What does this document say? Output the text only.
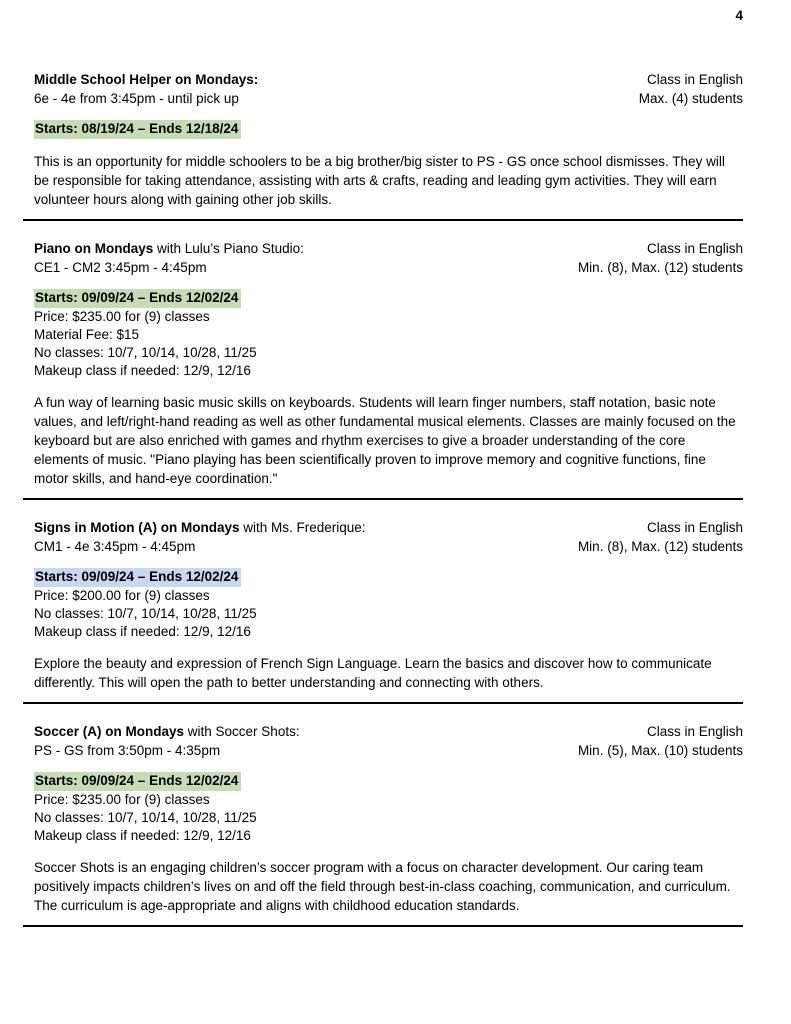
4
Middle School Helper on Mondays:
6e - 4e from 3:45pm - until pick up
Class in English
Max. (4) students
Starts: 08/19/24 – Ends 12/18/24
This is an opportunity for middle schoolers to be a big brother/big sister to PS - GS once school dismisses. They will be responsible for taking attendance, assisting with arts & crafts, reading and leading gym activities. They will earn volunteer hours along with gaining other job skills.
Piano on Mondays with Lulu’s Piano Studio:
CE1 - CM2 3:45pm - 4:45pm
Class in English
Min. (8), Max. (12) students
Starts: 09/09/24 – Ends 12/02/24
Price: $235.00 for (9) classes
Material Fee: $15
No classes: 10/7, 10/14, 10/28, 11/25
Makeup class if needed: 12/9, 12/16
A fun way of learning basic music skills on keyboards. Students will learn finger numbers, staff notation, basic note values, and left/right-hand reading as well as other fundamental musical elements. Classes are mainly focused on the keyboard but are also enriched with games and rhythm exercises to give a broader understanding of the core elements of music. "Piano playing has been scientifically proven to improve memory and cognitive functions, fine motor skills, and hand-eye coordination."
Signs in Motion (A) on Mondays with Ms. Frederique:
CM1 - 4e 3:45pm - 4:45pm
Class in English
Min. (8), Max. (12) students
Starts: 09/09/24 – Ends 12/02/24
Price: $200.00 for (9) classes
No classes: 10/7, 10/14, 10/28, 11/25
Makeup class if needed: 12/9, 12/16
Explore the beauty and expression of French Sign Language. Learn the basics and discover how to communicate differently. This will open the path to better understanding and connecting with others.
Soccer (A) on Mondays with Soccer Shots:
PS - GS from 3:50pm - 4:35pm
Class in English
Min. (5), Max. (10) students
Starts: 09/09/24 – Ends 12/02/24
Price: $235.00 for (9) classes
No classes: 10/7, 10/14, 10/28, 11/25
Makeup class if needed: 12/9, 12/16
Soccer Shots is an engaging children’s soccer program with a focus on character development. Our caring team positively impacts children’s lives on and off the field through best-in-class coaching, communication, and curriculum. The curriculum is age-appropriate and aligns with childhood education standards.
